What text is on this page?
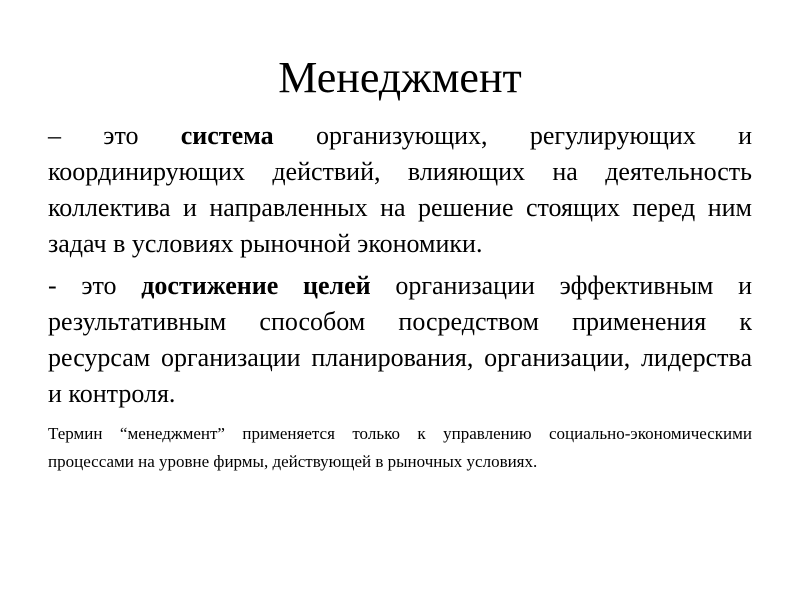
Менеджмент

– это система организующих, регулирующих и координирующих действий, влияющих на деятельность коллектива и направленных на решение стоящих перед ним задач в условиях рыночной экономики.

- это достижение целей организации эффективным и результативным способом посредством применения к ресурсам организации планирования, организации, лидерства и контроля.

Термин “менеджмент” применяется только к управлению социально-экономическими процессами на уровне фирмы, действующей в рыночных условиях.
